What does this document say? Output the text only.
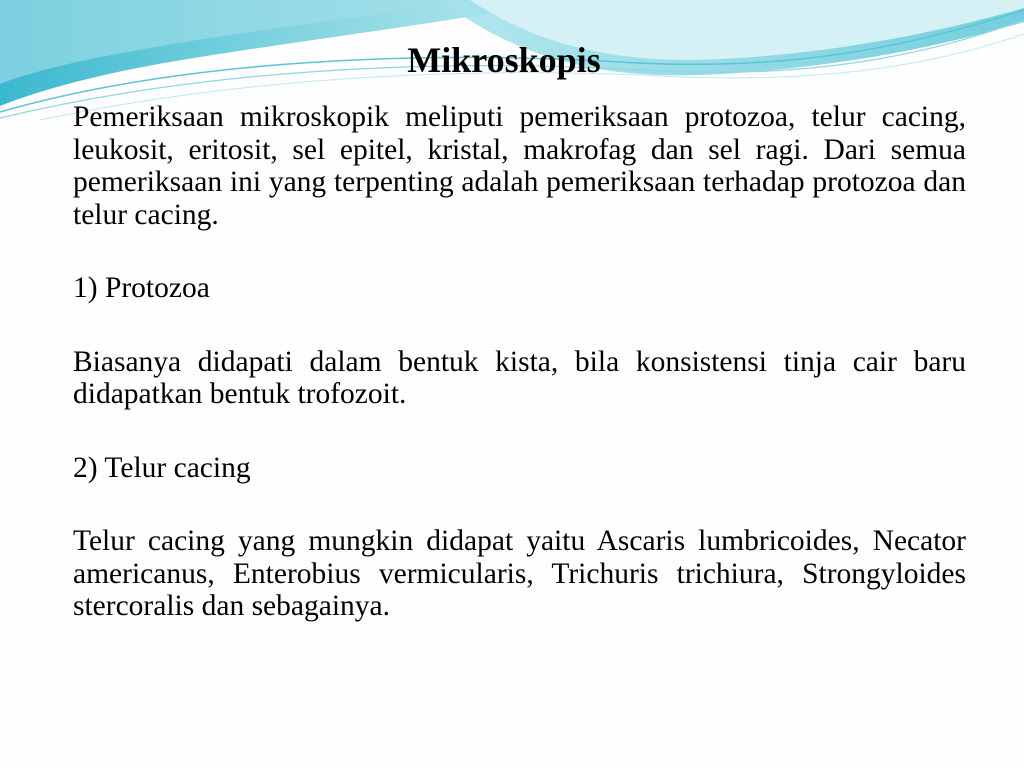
Mikroskopis

Pemeriksaan mikroskopik meliputi pemeriksaan protozoa, telur cacing, leukosit, eritosit, sel epitel, kristal, makrofag dan sel ragi. Dari semua pemeriksaan ini yang terpenting adalah pemeriksaan terhadap protozoa dan telur cacing.

1) Protozoa

Biasanya didapati dalam bentuk kista, bila konsistensi tinja cair baru didapatkan bentuk trofozoit.

2) Telur cacing

Telur cacing yang mungkin didapat yaitu Ascaris lumbricoides, Necator americanus, Enterobius vermicularis, Trichuris trichiura, Strongyloides stercoralis dan sebagainya.
